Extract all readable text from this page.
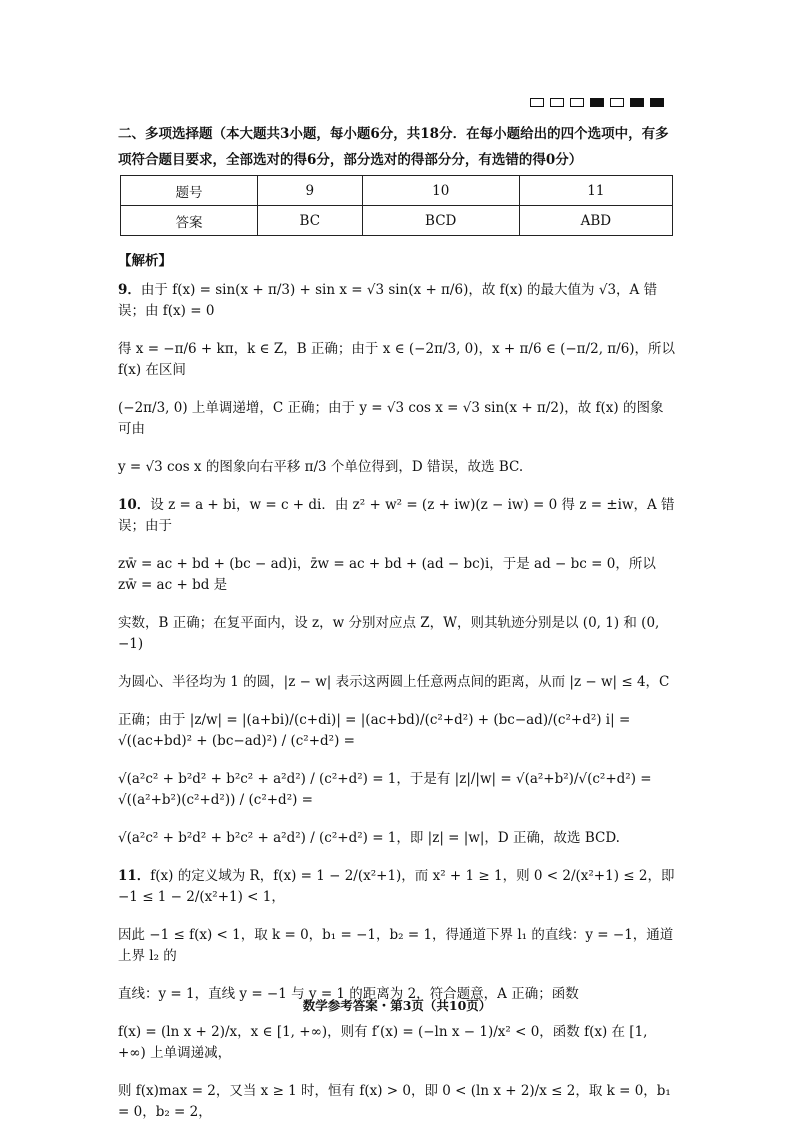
二、多项选择题（本大题共3小题，每小题6分，共18分．在每小题给出的四个选项中，有多项符合题目要求，全部选对的得6分，部分选对的得部分分，有选错的得0分）
题号	9	10	11
答案	BC	BCD	ABD
【解析】
9．由于 f(x) = sin(x + π/3) + sin x = √3 sin(x + π/6)，故 f(x) 的最大值为 √3，A 错误；由 f(x) = 0
得 x = −π/6 + kπ，k ∈ Z，B 正确；由于 x ∈ (−2π/3, 0)，x + π/6 ∈ (−π/2, π/6)，所以 f(x) 在区间
(−2π/3, 0) 上单调递增，C 正确；由于 y = √3 cos x = √3 sin(x + π/2)，故 f(x) 的图象可由
y = √3 cos x 的图象向右平移 π/3 个单位得到，D 错误，故选 BC.
10．设 z = a + bi，w = c + di．由 z² + w² = (z + iw)(z − iw) = 0 得 z = ±iw，A 错误；由于
zw̄ = ac + bd + (bc − ad)i，z̄w = ac + bd + (ad − bc)i，于是 ad − bc = 0，所以 zw̄ = ac + bd 是
实数，B 正确；在复平面内，设 z，w 分别对应点 Z，W，则其轨迹分别是以 (0, 1) 和 (0, −1)
为圆心、半径均为 1 的圆，|z − w| 表示这两圆上任意两点间的距离，从而 |z − w| ≤ 4，C
正确；由于 |z/w| = |(a+bi)/(c+di)| = |(ac+bd)/(c²+d²) + (bc−ad)/(c²+d²) i| = √((ac+bd)² + (bc−ad)²) / (c²+d²) =
√(a²c² + b²d² + b²c² + a²d²) / (c²+d²) = 1，于是有 |z|/|w| = √(a²+b²)/√(c²+d²) = √((a²+b²)(c²+d²)) / (c²+d²) =
√(a²c² + b²d² + b²c² + a²d²) / (c²+d²) = 1，即 |z| = |w|，D 正确，故选 BCD.
11．f(x) 的定义域为 R，f(x) = 1 − 2/(x²+1)，而 x² + 1 ≥ 1，则 0 < 2/(x²+1) ≤ 2，即 −1 ≤ 1 − 2/(x²+1) < 1，
因此 −1 ≤ f(x) < 1，取 k = 0，b₁ = −1，b₂ = 1，得通道下界 l₁ 的直线：y = −1，通道上界 l₂ 的
直线：y = 1，直线 y = −1 与 y = 1 的距离为 2，符合题意，A 正确；函数
f(x) = (ln x + 2)/x，x ∈ [1, +∞)，则有 f′(x) = (−ln x − 1)/x² < 0，函数 f(x) 在 [1, +∞) 上单调递减，
则 f(x)max = 2，又当 x ≥ 1 时，恒有 f(x) > 0，即 0 < (ln x + 2)/x ≤ 2，取 k = 0，b₁ = 0，b₂ = 2，
数学参考答案・第3页（共10页）
